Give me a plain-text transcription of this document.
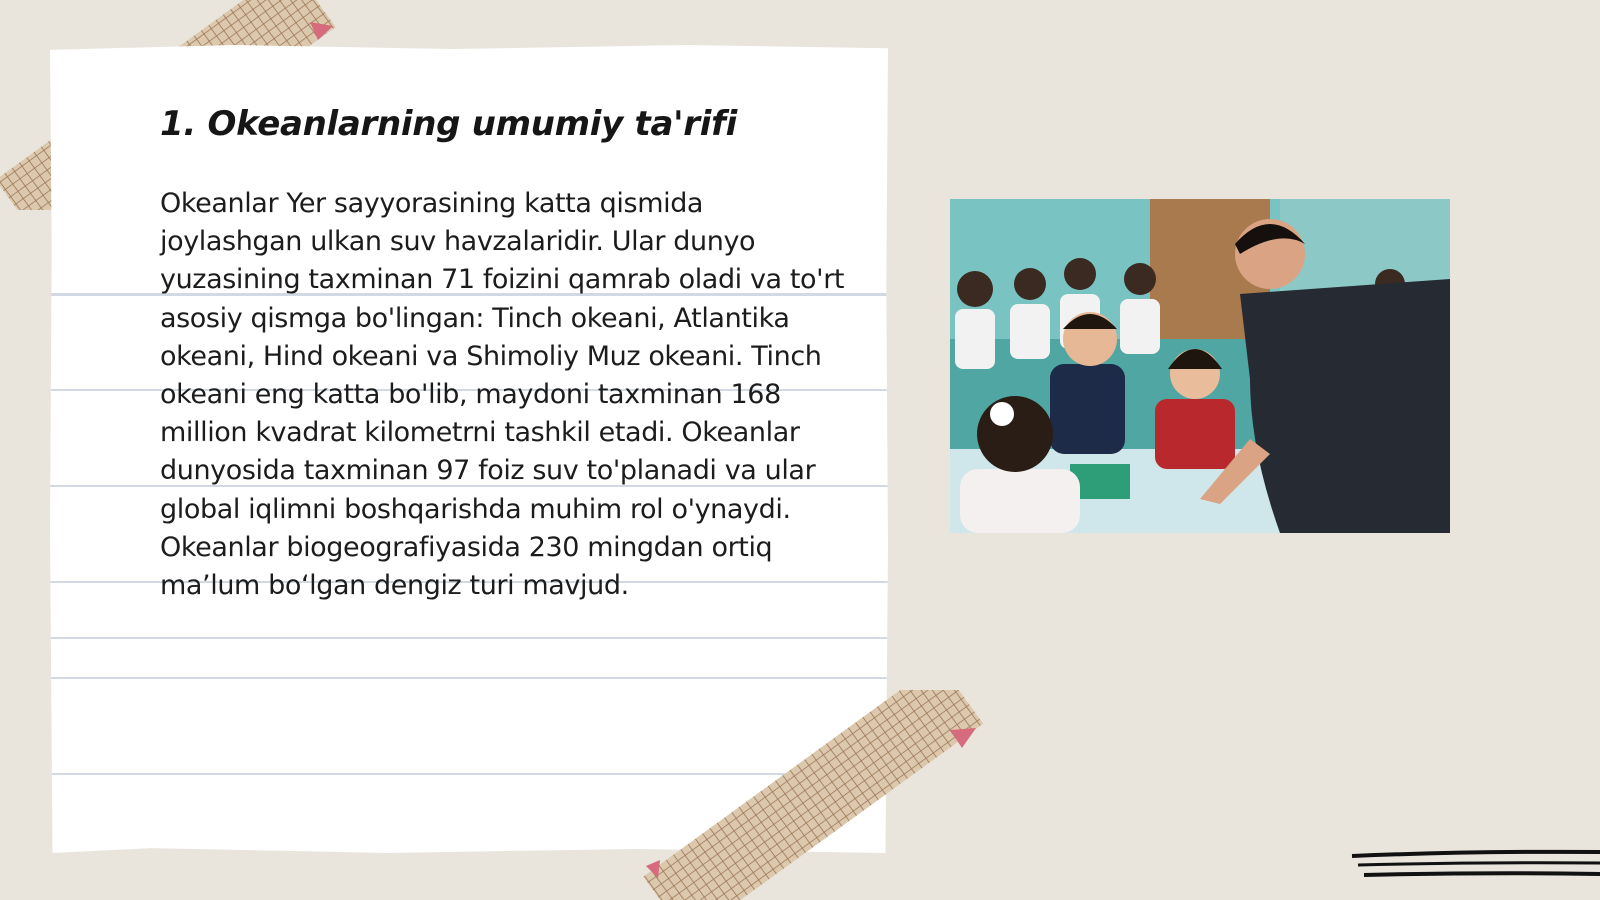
1. Okeanlarning umumiy ta'rifi

Okeanlar Yer sayyorasining katta qismida joylashgan ulkan suv havzalaridir. Ular dunyo yuzasining taxminan 71 foizini qamrab oladi va to'rt asosiy qismga bo'lingan: Tinch okeani, Atlantika okeani, Hind okeani va Shimoliy Muz okeani. Tinch okeani eng katta bo'lib, maydoni taxminan 168 million kvadrat kilometrni tashkil etadi. Okeanlar dunyosida taxminan 97 foiz suv to'planadi va ular global iqlimni boshqarishda muhim rol o'ynaydi. Okeanlar biogeografiyasida 230 mingdan ortiq ma’lum bo‘lgan dengiz turi mavjud.
